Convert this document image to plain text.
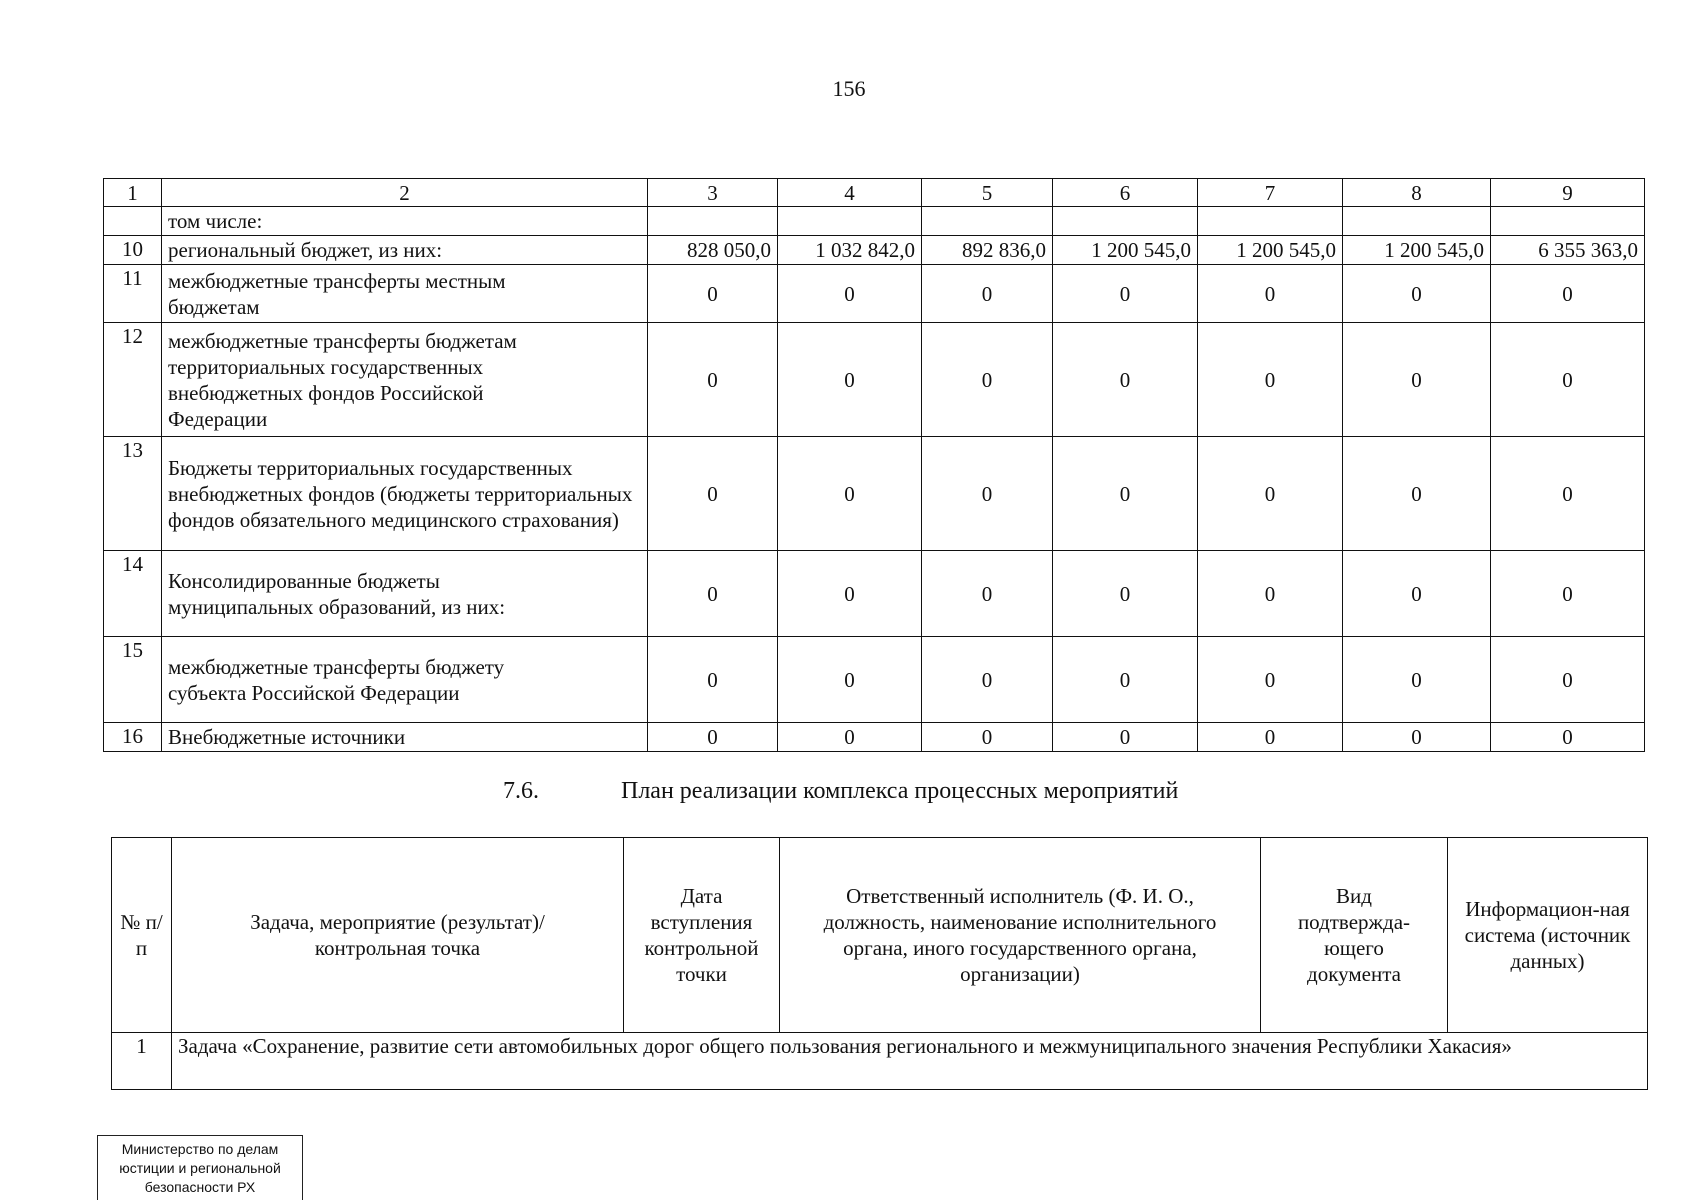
156
1	2	3	4	5	6	7	8	9
	том числе:							
10	региональный бюджет, из них:	828 050,0	1 032 842,0	892 836,0	1 200 545,0	1 200 545,0	1 200 545,0	6 355 363,0
11	межбюджетные трансферты местным бюджетам	0	0	0	0	0	0	0
12	межбюджетные трансферты бюджетам территориальных государственных внебюджетных фондов Российской Федерации	0	0	0	0	0	0	0
13	Бюджеты территориальных государственных внебюджетных фондов (бюджеты территориальных фондов обязательного медицинского страхования)	0	0	0	0	0	0	0
14	Консолидированные бюджеты муниципальных образований, из них:	0	0	0	0	0	0	0
15	межбюджетные трансферты бюджету субъекта Российской Федерации	0	0	0	0	0	0	0
16	Внебюджетные источники	0	0	0	0	0	0	0
7.6.	План реализации комплекса процессных мероприятий
№ п/п	Задача, мероприятие (результат)/ контрольная точка	Дата вступления контрольной точки	Ответственный исполнитель (Ф. И. О., должность, наименование исполнительного органа, иного государственного органа, организации)	Вид подтвержда-ющего документа	Информацион-ная система (источник данных)
1	Задача «Сохранение, развитие сети автомобильных дорог общего пользования регионального и межмуниципального значения Республики Хакасия»				
Министерство по делам юстиции и региональной безопасности РХ
